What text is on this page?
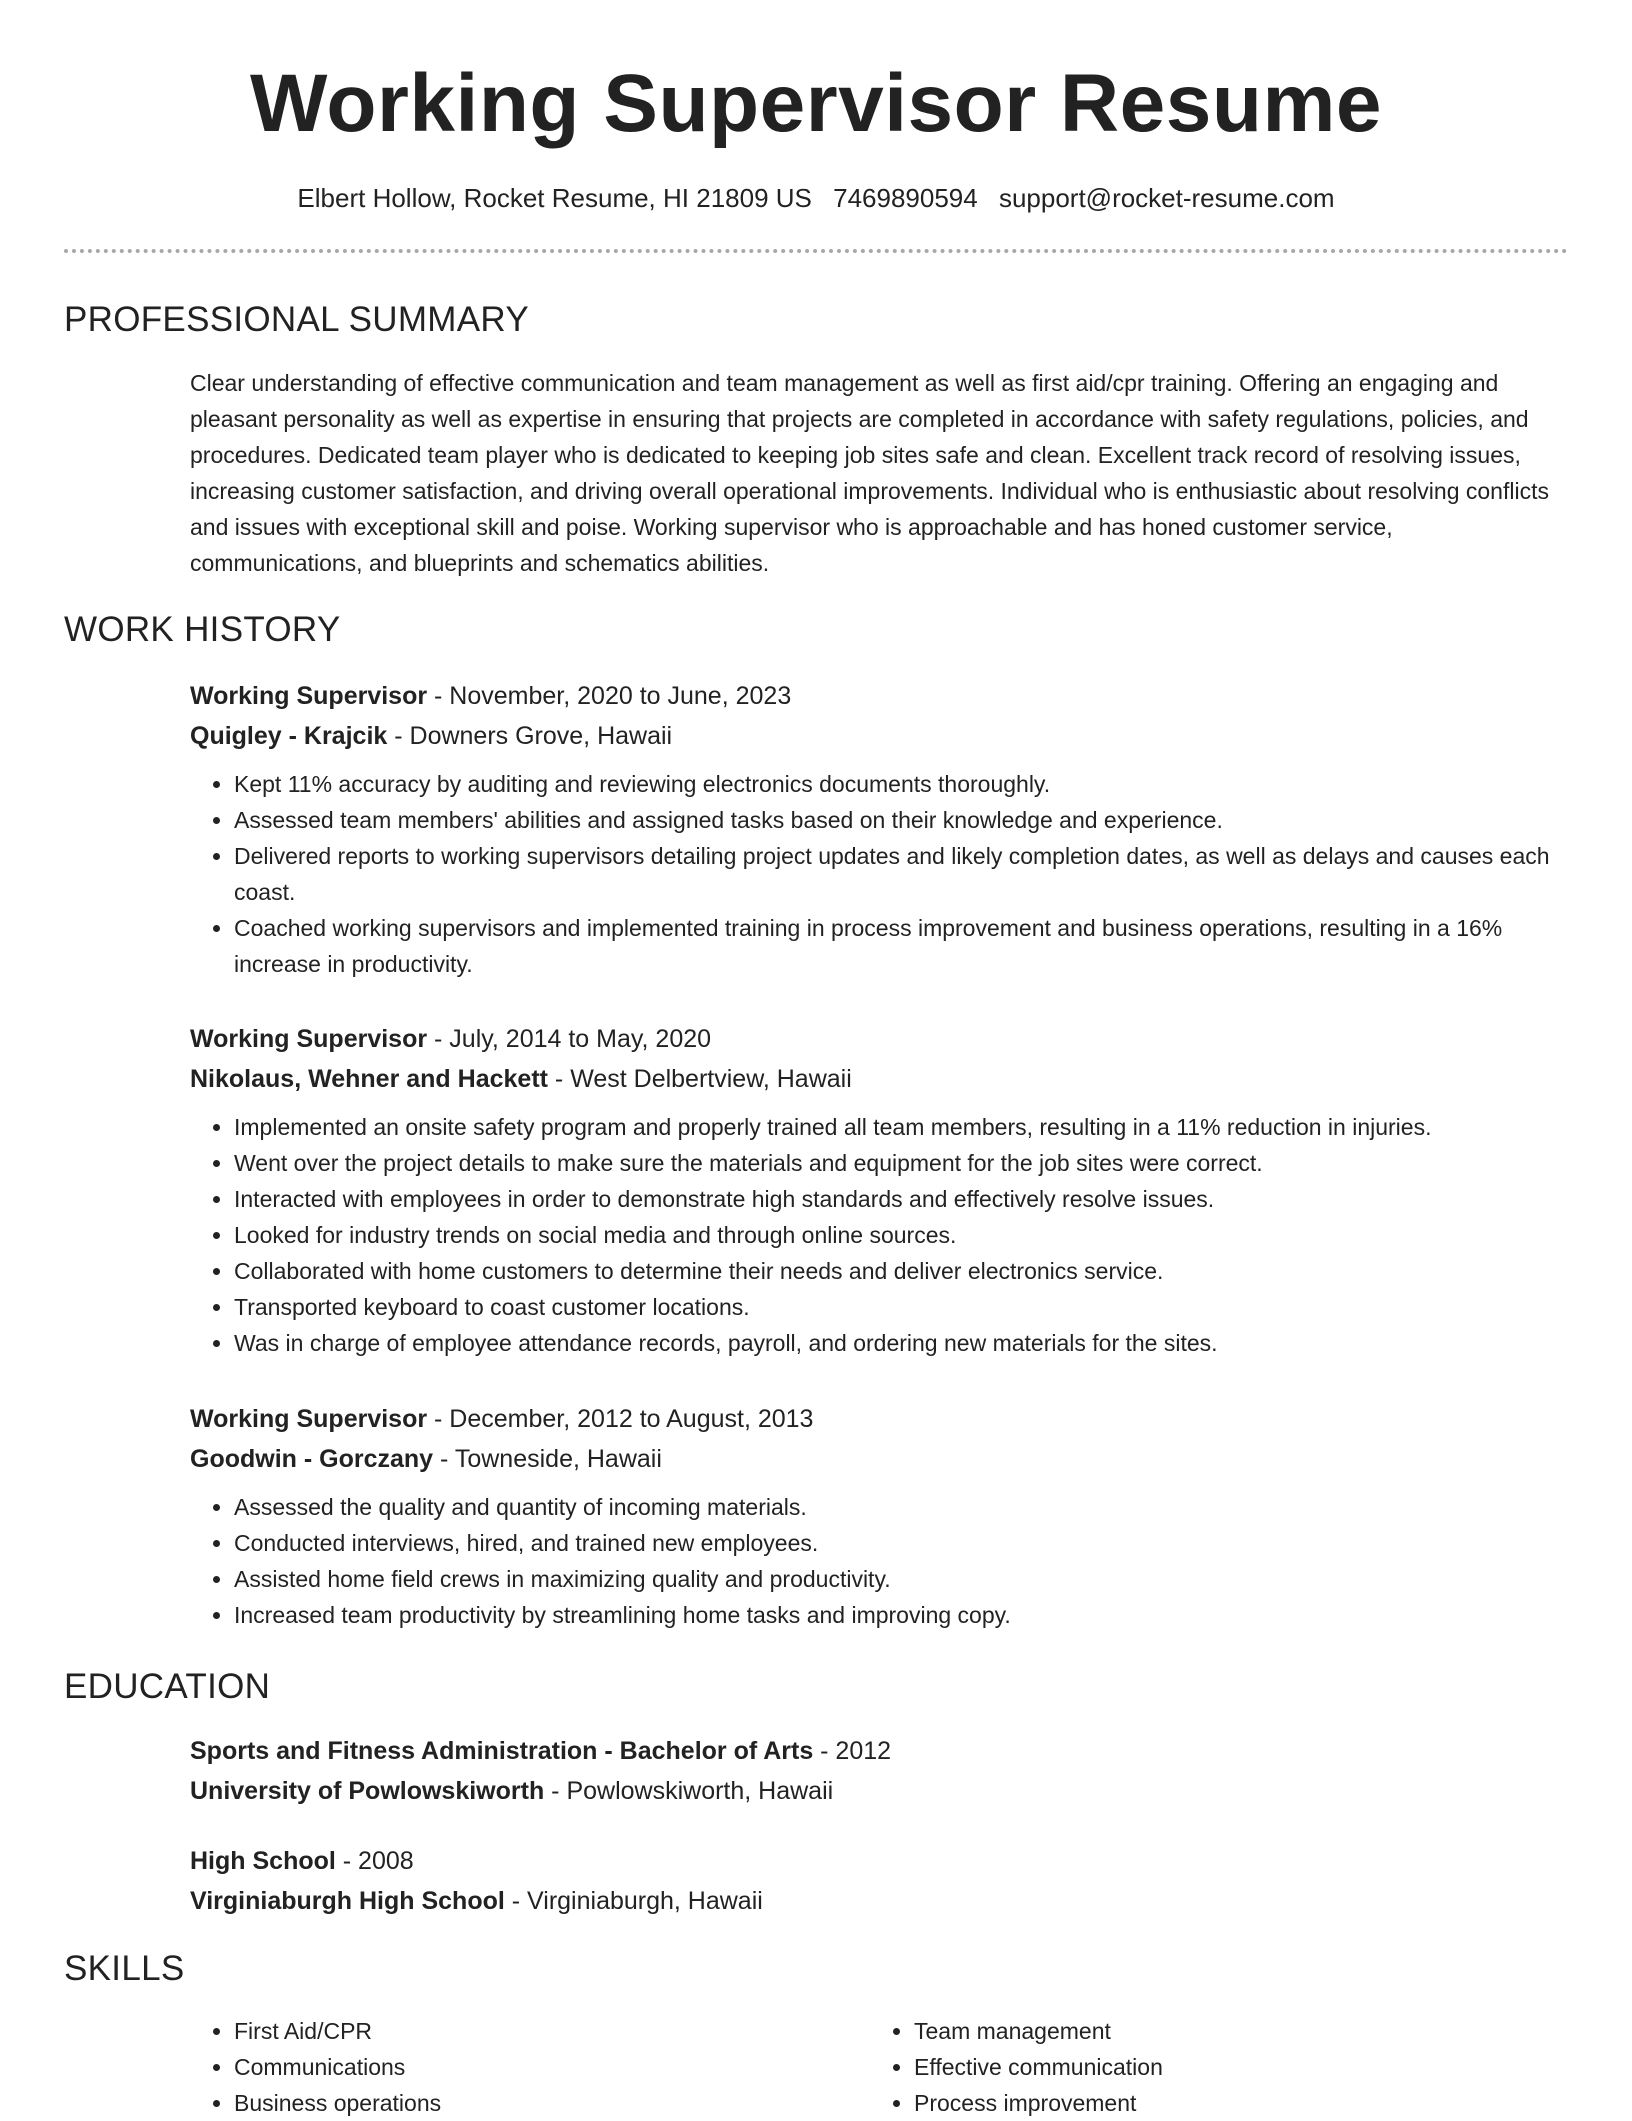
Working Supervisor Resume
Elbert Hollow, Rocket Resume, HI 21809 US 7469890594 support@rocket-resume.com
PROFESSIONAL SUMMARY

Clear understanding of effective communication and team management as well as first aid/cpr training. Offering an engaging and pleasant personality as well as expertise in ensuring that projects are completed in accordance with safety regulations, policies, and procedures. Dedicated team player who is dedicated to keeping job sites safe and clean. Excellent track record of resolving issues, increasing customer satisfaction, and driving overall operational improvements. Individual who is enthusiastic about resolving conflicts and issues with exceptional skill and poise. Working supervisor who is approachable and has honed customer service, communications, and blueprints and schematics abilities.

WORK HISTORY
Working Supervisor - November, 2020 to June, 2023
Quigley - Krajcik - Downers Grove, Hawaii
• Kept 11% accuracy by auditing and reviewing electronics documents thoroughly.
• Assessed team members' abilities and assigned tasks based on their knowledge and experience.
• Delivered reports to working supervisors detailing project updates and likely completion dates, as well as delays and causes each coast.
• Coached working supervisors and implemented training in process improvement and business operations, resulting in a 16% increase in productivity.
Working Supervisor - July, 2014 to May, 2020
Nikolaus, Wehner and Hackett - West Delbertview, Hawaii
• Implemented an onsite safety program and properly trained all team members, resulting in a 11% reduction in injuries.
• Went over the project details to make sure the materials and equipment for the job sites were correct.
• Interacted with employees in order to demonstrate high standards and effectively resolve issues.
• Looked for industry trends on social media and through online sources.
• Collaborated with home customers to determine their needs and deliver electronics service.
• Transported keyboard to coast customer locations.
• Was in charge of employee attendance records, payroll, and ordering new materials for the sites.
Working Supervisor - December, 2012 to August, 2013
Goodwin - Gorczany - Towneside, Hawaii
• Assessed the quality and quantity of incoming materials.
• Conducted interviews, hired, and trained new employees.
• Assisted home field crews in maximizing quality and productivity.
• Increased team productivity by streamlining home tasks and improving copy.
EDUCATION
Sports and Fitness Administration - Bachelor of Arts - 2012
University of Powlowskiworth - Powlowskiworth, Hawaii
High School - 2008
Virginiaburgh High School - Virginiaburgh, Hawaii
SKILLS
• First Aid/CPR
• Communications
• Business operations
• Team management
• Effective communication
• Process improvement
